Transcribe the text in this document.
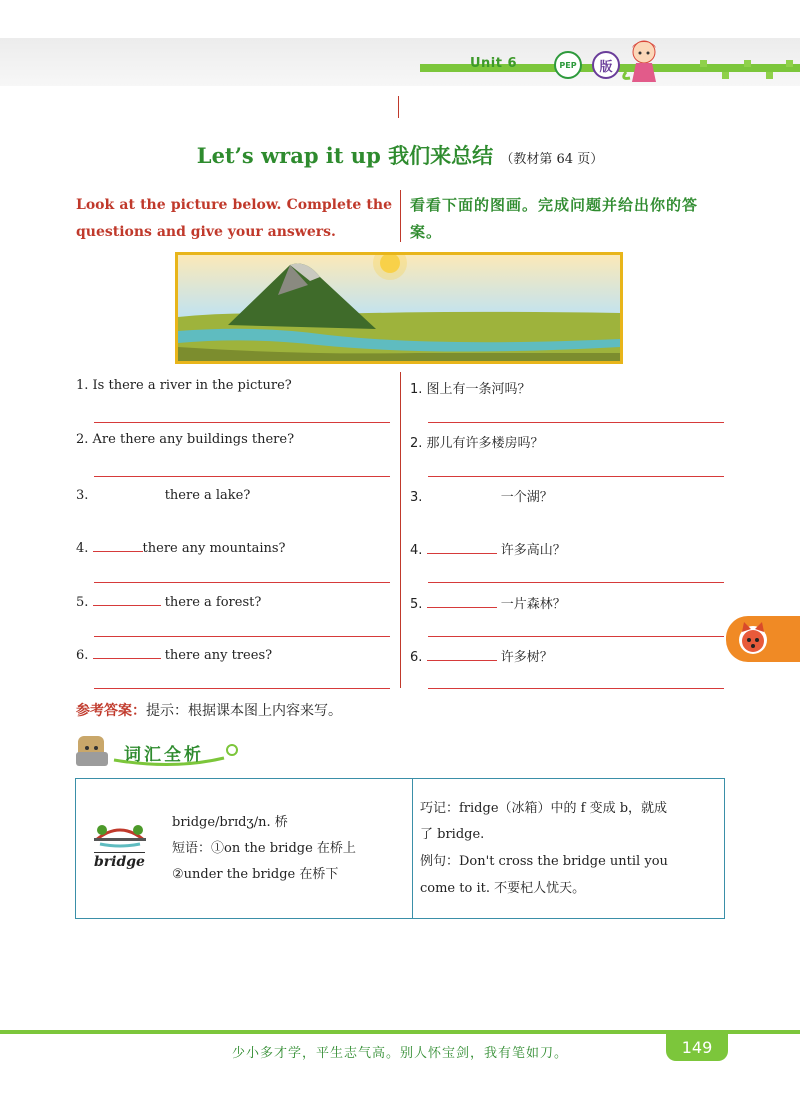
Unit 6	PEP	版
Let’s wrap it up 我们来总结 （教材第 64 页）
Look at the picture below. Complete the questions and give your answers.
看看下面的图画。完成问题并给出你的答案。
1. Is there a river in the picture?
2. Are there any buildings there?
3.	there a lake?
4.	there any mountains?
5.	there a forest?
6.	there any trees?
1. 图上有一条河吗？
2. 那儿有许多楼房吗？
3.	一个湖？
4.	许多高山？
5.	一片森林？
6.	许多树？
参考答案：提示：根据课本图上内容来写。
词汇全析
bridge
bridge/brɪdʒ/n. 桥
短语：①on the bridge 在桥上
②under the bridge 在桥下
巧记：fridge（冰箱）中的 f 变成 b，就成
了 bridge.
例句：Don't cross the bridge until you
come to it. 不要杞人忧天。
少小多才学，平生志气高。别人怀宝剑，我有笔如刀。	149
